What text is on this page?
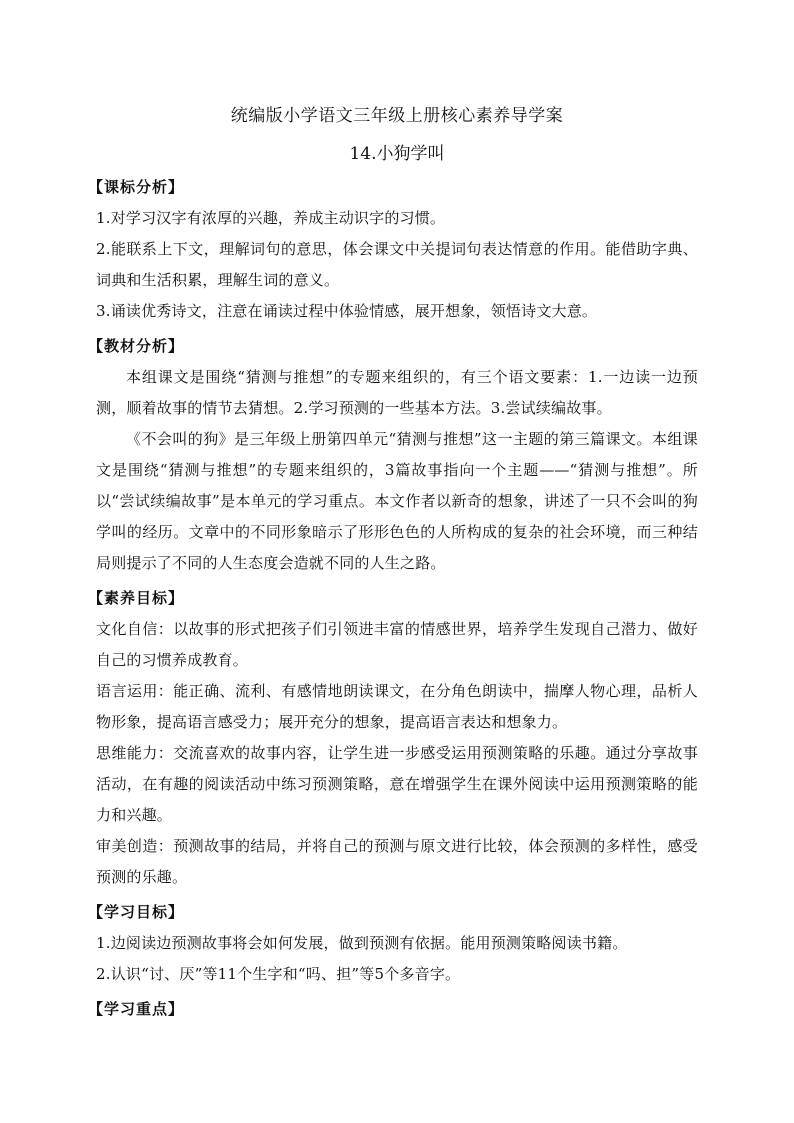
统编版小学语文三年级上册核心素养导学案
14.小狗学叫
【课标分析】

1.对学习汉字有浓厚的兴趣，养成主动识字的习惯。

2.能联系上下文，理解词句的意思，体会课文中关提词句表达情意的作用。能借助字典、词典和生活积累，理解生词的意义。

3.诵读优秀诗文，注意在诵读过程中体验情感，展开想象，领悟诗文大意。

【教材分析】

本组课文是围绕“猜测与推想”的专题来组织的，有三个语文要素：1.一边读一边预测，顺着故事的情节去猜想。2.学习预测的一些基本方法。3.尝试续编故事。

《不会叫的狗》是三年级上册第四单元“猜测与推想”这一主题的第三篇课文。本组课文是围绕“猜测与推想”的专题来组织的，3篇故事指向一个主题——“猜测与推想”。所以“尝试续编故事”是本单元的学习重点。本文作者以新奇的想象，讲述了一只不会叫的狗学叫的经历。文章中的不同形象暗示了形形色色的人所构成的复杂的社会环境，而三种结局则提示了不同的人生态度会造就不同的人生之路。

【素养目标】

文化自信：以故事的形式把孩子们引领进丰富的情感世界，培养学生发现自己潜力、做好自己的习惯养成教育。

语言运用：能正确、流利、有感情地朗读课文，在分角色朗读中，揣摩人物心理，品析人物形象，提高语言感受力；展开充分的想象，提高语言表达和想象力。

思维能力：交流喜欢的故事内容，让学生进一步感受运用预测策略的乐趣。通过分享故事活动，在有趣的阅读活动中练习预测策略，意在增强学生在课外阅读中运用预测策略的能力和兴趣。

审美创造：预测故事的结局，并将自己的预测与原文进行比较，体会预测的多样性，感受预测的乐趣。

【学习目标】

1.边阅读边预测故事将会如何发展，做到预测有依据。能用预测策略阅读书籍。

2.认识“讨、厌”等11个生字和“吗、担”等5个多音字。

【学习重点】
